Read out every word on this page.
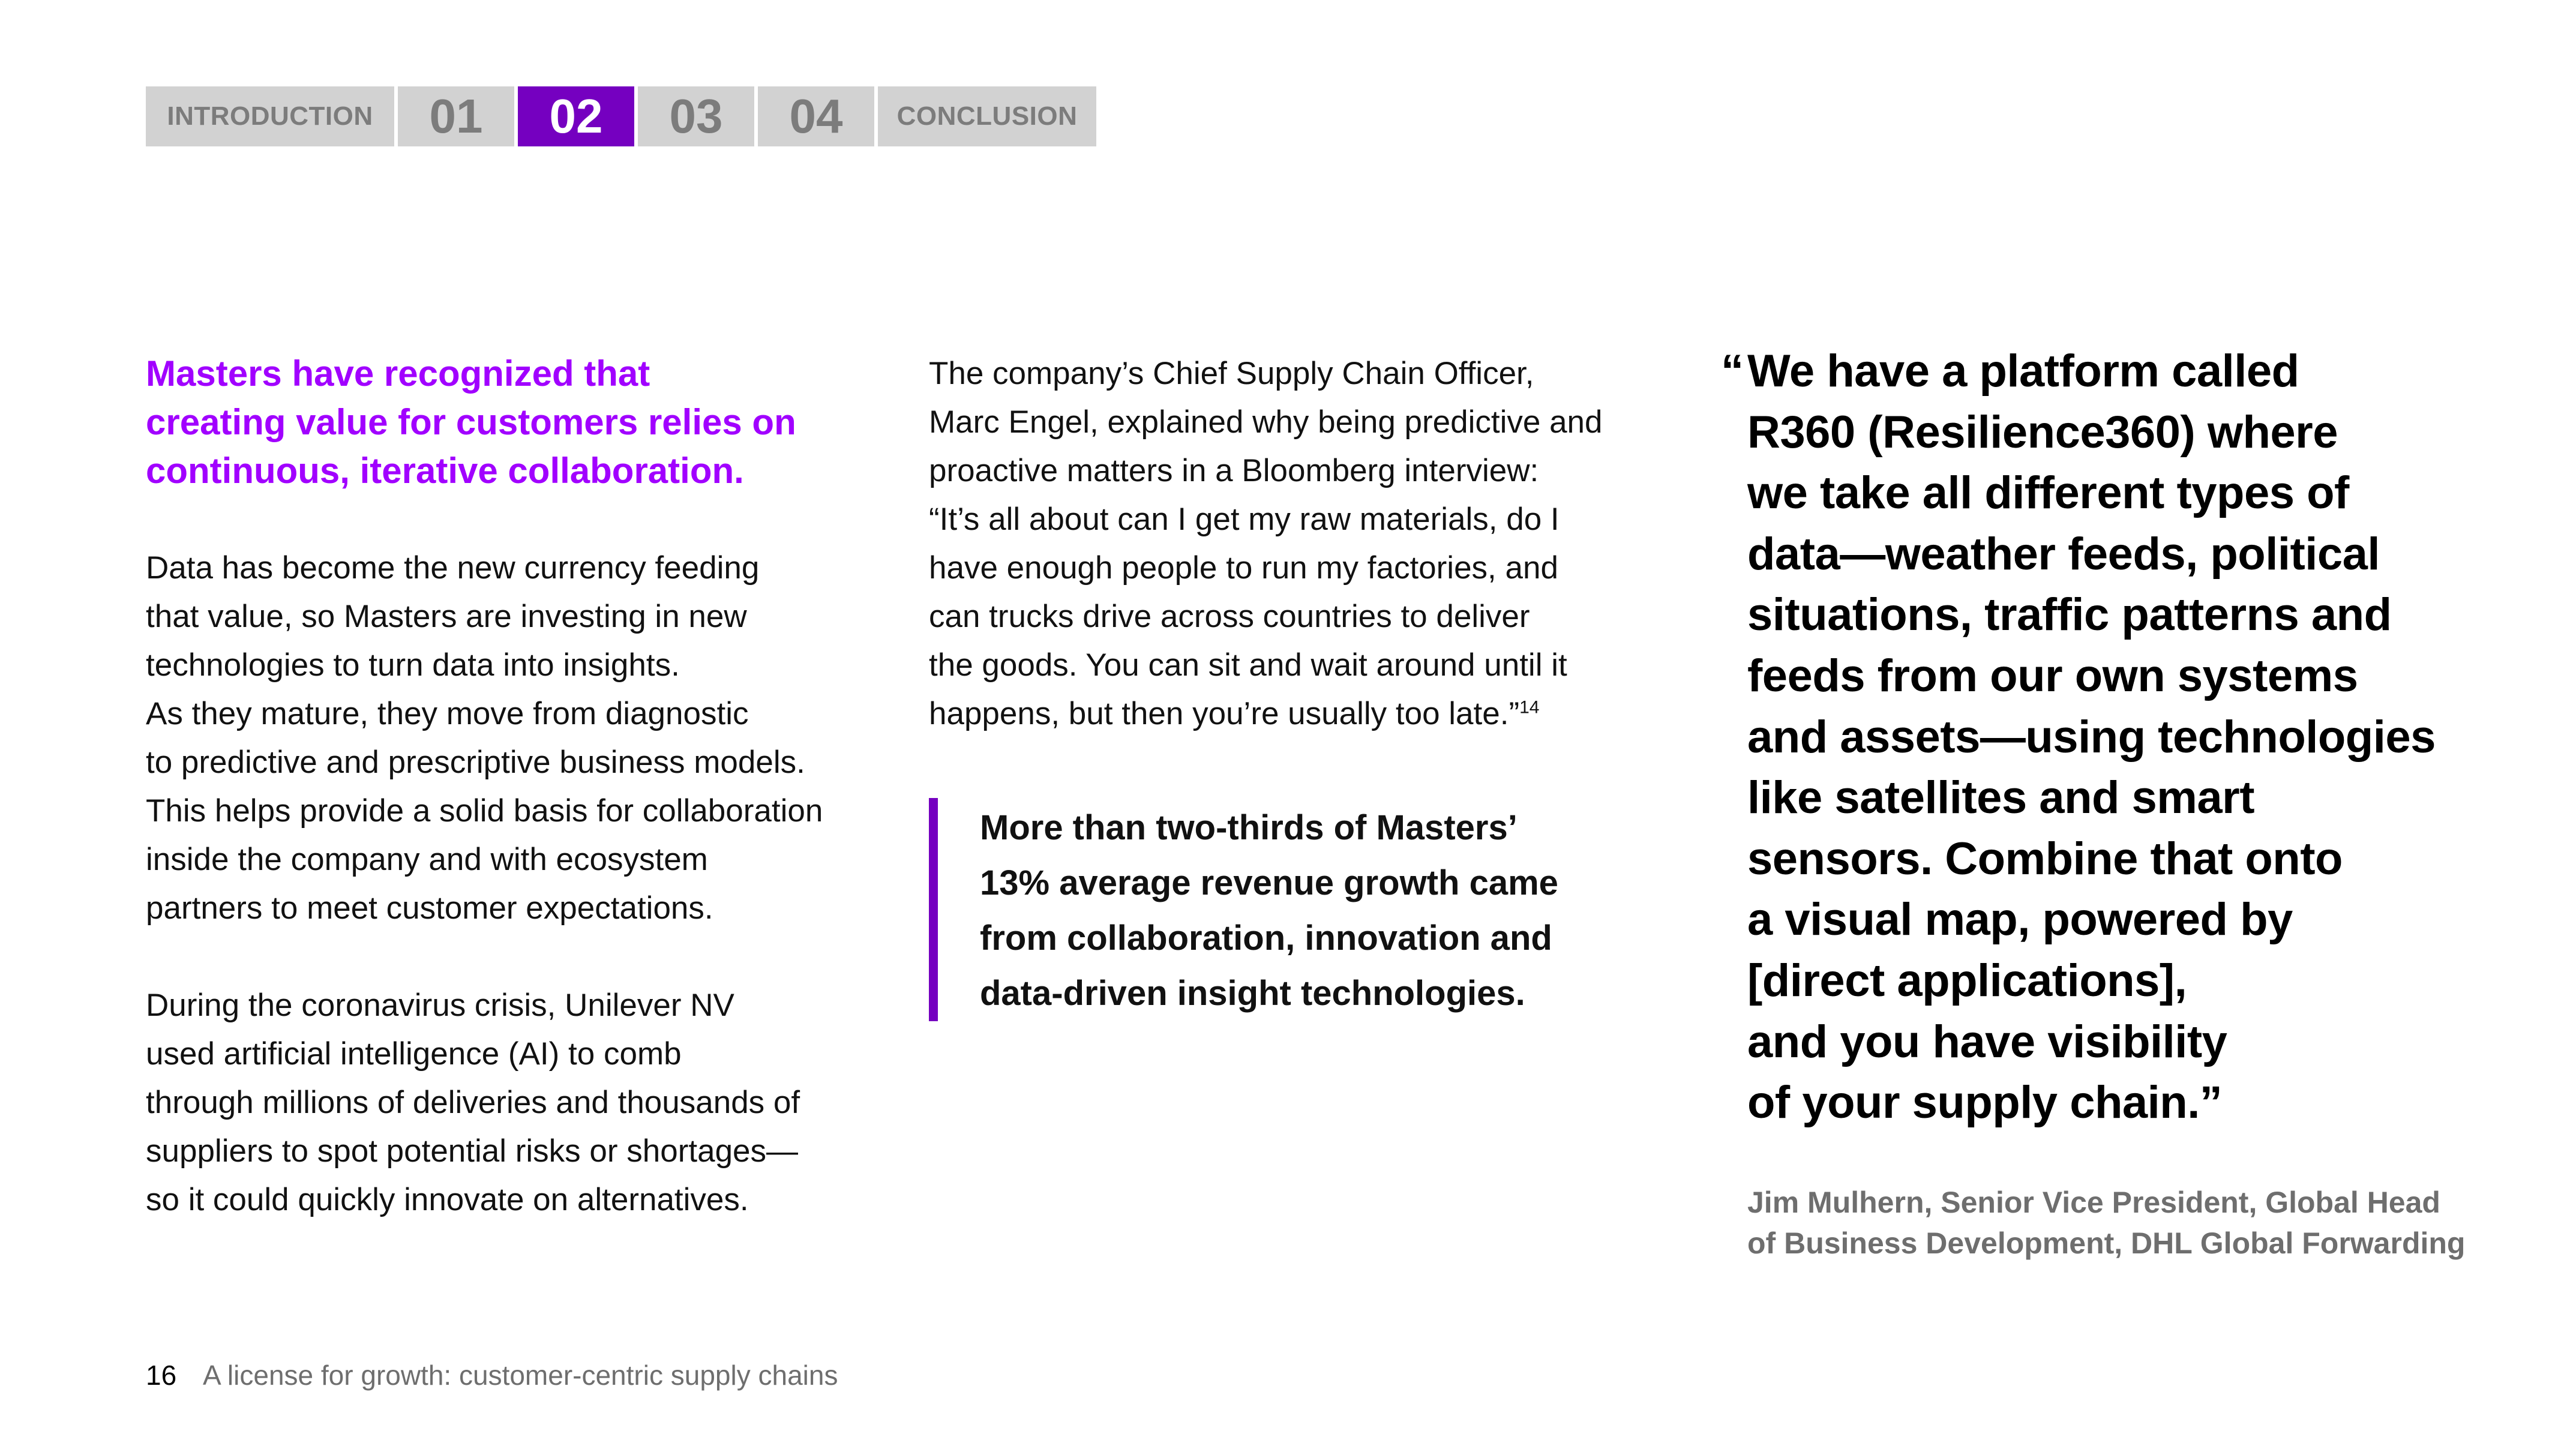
INTRODUCTION	01	02	03	04	CONCLUSION
Masters have recognized that
creating value for customers relies on
continuous, iterative collaboration.
Data has become the new currency feeding
that value, so Masters are investing in new
technologies to turn data into insights.
As they mature, they move from diagnostic
to predictive and prescriptive business models.
This helps provide a solid basis for collaboration
inside the company and with ecosystem
partners to meet customer expectations.
During the coronavirus crisis, Unilever NV
used artificial intelligence (AI) to comb
through millions of deliveries and thousands of
suppliers to spot potential risks or shortages—
so it could quickly innovate on alternatives.
The company’s Chief Supply Chain Officer,
Marc Engel, explained why being predictive and
proactive matters in a Bloomberg interview:
“It’s all about can I get my raw materials, do I
have enough people to run my factories, and
can trucks drive across countries to deliver
the goods. You can sit and wait around until it
happens, but then you’re usually too late.”$^{14}$
More than two-thirds of Masters’
13% average revenue growth came
from collaboration, innovation and
data-driven insight technologies.
“ We have a platform called
R360 (Resilience360) where
we take all different types of
data—weather feeds, political
situations, traffic patterns and
feeds from our own systems
and assets—using technologies
like satellites and smart
sensors. Combine that onto
a visual map, powered by
[direct applications],
and you have visibility
of your supply chain.”
Jim Mulhern, Senior Vice President, Global Head
of Business Development, DHL Global Forwarding
16 A license for growth: customer-centric supply chains
